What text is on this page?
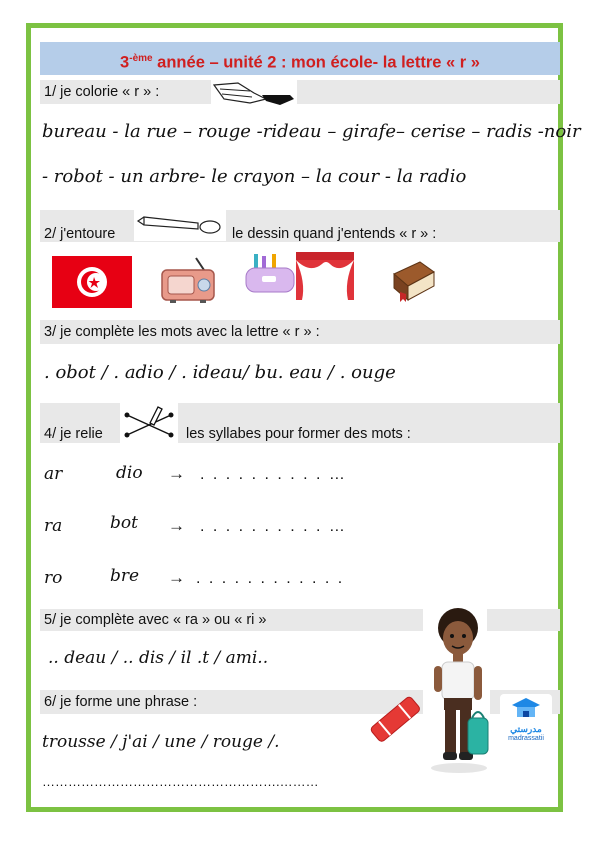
$3^{-ème}$ année – unité 2 : mon école- la lettre « r »
1/ je colorie « r » :
bureau - la rue – rouge -rideau – girafe– cerise – radis -noir
- robot - un arbre- le crayon – la cour - la radio
2/ j'entoure	le dessin quand j'entends « r » :
3/ je complète les mots avec la lettre « r » :
. obot / . adio / . ideau/ bu. eau / . ouge
4/ je relie	les syllabes pour former des mots :
ar	dio → . . . . . . . . . . …
ra	bot → . . . . . . . . . . …
ro	bre → . . . . . . . . . . . .
5/ je complète avec « ra » ou « ri »
.. deau / .. dis / il .t / ami..
6/ je forme une phrase :
trousse / j'ai / une / rouge /.
……………………………………………….………
مدرستي
madrassatii
